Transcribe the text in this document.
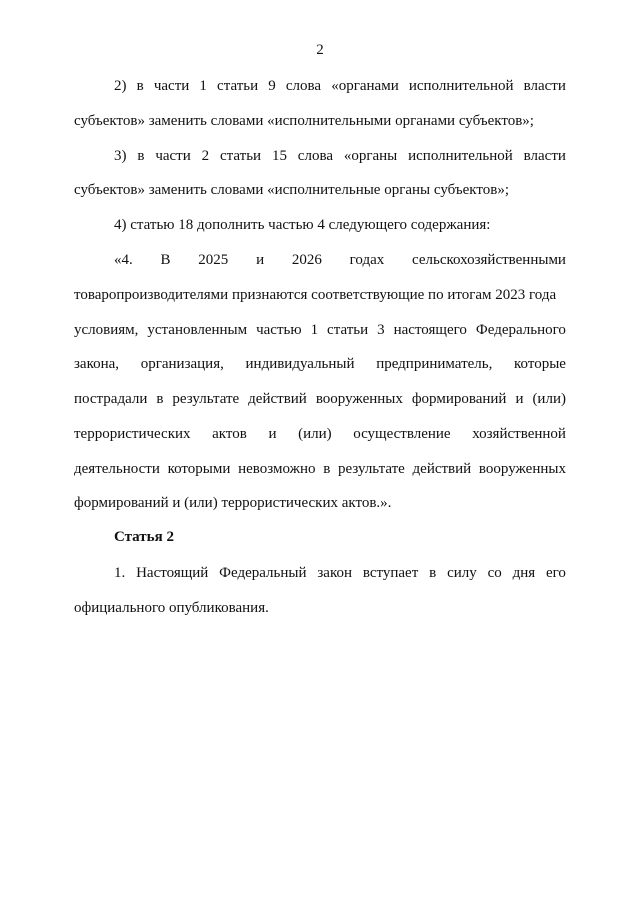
2
2) в части 1 статьи 9 слова «органами исполнительной власти
субъектов» заменить словами «исполнительными органами субъектов»;
3) в части 2 статьи 15 слова «органы исполнительной власти
субъектов» заменить словами «исполнительные органы субъектов»;
4) статью 18 дополнить частью 4 следующего содержания:
«4. В 2025 и 2026 годах сельскохозяйственными
товаропроизводителями признаются соответствующие по итогам 2023 года
условиям, установленным частью 1 статьи 3 настоящего Федерального
закона, организация, индивидуальный предприниматель, которые
пострадали в результате действий вооруженных формирований и (или)
террористических актов и (или) осуществление хозяйственной
деятельности которыми невозможно в результате действий вооруженных
формирований и (или) террористических актов.».
Статья 2
1. Настоящий Федеральный закон вступает в силу со дня его
официального опубликования.
